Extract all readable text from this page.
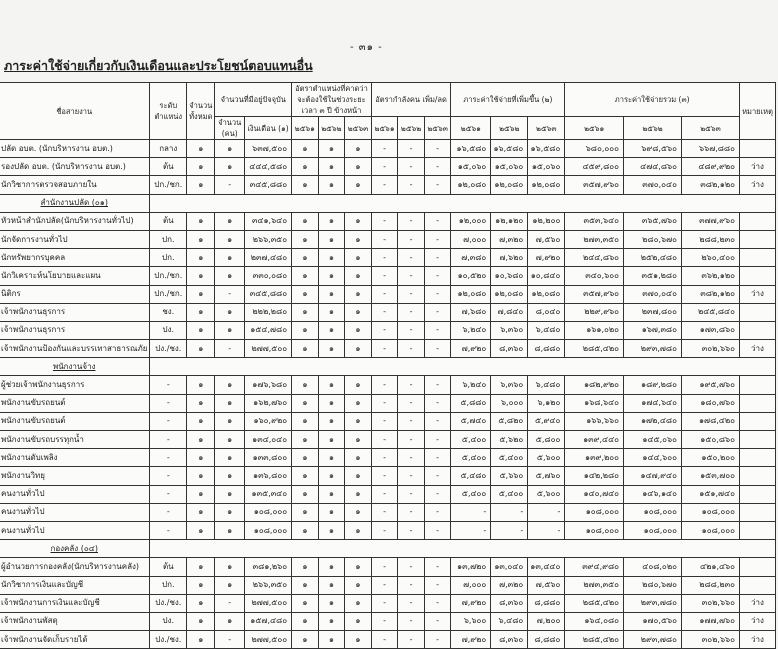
- ๓๑ -
ภาระค่าใช้จ่ายเกี่ยวกับเงินเดือนและประโยชน์ตอบแทนอื่น
ชื่อสายงาน	ระดับตำแหน่ง	จำนวนทั้งหมด	จำนวนที่มีอยู่ปัจจุบัน		อัตราตำแหน่งที่คาดว่าจะต้องใช้ในช่วงระยะเวลา ๓ ปี ข้างหน้า			อัตรากำลังคน เพิ่ม/ลด			ภาระค่าใช้จ่ายที่เพิ่มขึ้น (๒)			ภาระค่าใช้จ่ายรวม (๓)			หมายเหตุ
			จำนวน (คน)	เงินเดือน (๑)	๒๕๖๑	๒๕๖๒	๒๕๖๓	๒๕๖๑	๒๕๖๒	๒๕๖๓	๒๕๖๑	๒๕๖๒	๒๕๖๓	๒๕๖๑	๒๕๖๒	๒๕๖๓	
ปลัด อบต. (นักบริหารงาน อบต.)	กลาง	๑	๑	๖๓๗,๕๐๐	๑	๑	๑	-	-	-	๑๖,๕๘๐	๑๖,๕๘๐	๑๖,๕๘๐	๖๘๐,๐๐๐	๖๙๘,๕๖๐	๖๖๗,๘๘๐	
รองปลัด อบต. (นักบริหารงาน อบต.)	ต้น	๑	๑	๔๔๔,๕๘๐	๑	๑	๑	-	-	-	๑๕,๐๖๐	๑๕,๐๖๐	๑๕,๐๖๐	๔๕๙,๘๐๐	๔๗๔,๘๖๐	๔๘๙,๙๒๐	ว่าง
นักวิชาการตรวจสอบภายใน	ปก./ชก.	๑	-	๓๔๕,๘๘๐	๑	๑	๑	-	-	-	๑๒,๐๘๐	๑๒,๐๘๐	๑๒,๐๘๐	๓๕๗,๙๖๐	๓๗๐,๐๔๐	๓๘๒,๑๒๐	ว่าง
สำนักงานปลัด (๐๑)																	
หัวหน้าสำนักปลัด(นักบริหารงานทั่วไป)	ต้น	๑	๑	๓๔๑,๖๔๐	๑	๑	๑	-	-	-	๑๒,๐๐๐	๑๒,๑๒๐	๑๒,๒๐๐	๓๕๓,๖๔๐	๓๖๕,๗๖๐	๓๗๗,๙๖๐	
นักจัดการงานทั่วไป	ปก.	๑	๑	๒๖๖,๓๕๐	๑	๑	๑	-	-	-	๗,๐๐๐	๗,๓๒๐	๗,๕๖๐	๒๗๓,๓๕๐	๒๘๐,๖๗๐	๒๘๘,๒๓๐	
นักทรัพยากรบุคคล	ปก.	๑	๑	๒๓๗,๔๘๐	๑	๑	๑	-	-	-	๗,๓๘๐	๗,๖๒๐	๗,๙๒๐	๒๔๔,๘๖๐	๒๕๒,๔๘๐	๒๖๐,๔๐๐	
นักวิเคราะห์นโยบายและแผน	ปก./ชก.	๑	๑	๓๓๐,๐๘๐	๑	๑	๑	-	-	-	๑๐,๕๒๐	๑๐,๖๘๐	๑๐,๘๔๐	๓๔๐,๖๐๐	๓๕๑,๒๘๐	๓๖๒,๑๒๐	
นิติกร	ปก./ชก.	๑	-	๓๔๕,๘๘๐	๑	๑	๑	-	-	-	๑๒,๐๘๐	๑๒,๐๘๐	๑๒,๐๘๐	๓๕๗,๙๖๐	๓๗๐,๐๔๐	๓๘๒,๑๒๐	ว่าง
เจ้าพนักงานธุรการ	ชง.	๑	๑	๒๒๒,๒๘๐	๑	๑	๑	-	-	-	๗,๖๘๐	๗,๘๔๐	๘,๐๔๐	๒๒๙,๙๖๐	๒๓๗,๘๐๐	๒๔๕,๘๔๐	
เจ้าพนักงานธุรการ	ปง.	๑	๑	๑๕๔,๗๘๐	๑	๑	๑	-	-	-	๖,๒๔๐	๖,๓๖๐	๖,๔๘๐	๑๖๑,๐๒๐	๑๖๗,๓๘๐	๑๗๓,๘๖๐	
เจ้าพนักงานป้องกันและบรรเทาสาธารณภัย	ปง./ชง.	๑	-	๒๗๗,๕๐๐	๑	๑	๑	-	-	-	๗,๙๒๐	๘,๓๖๐	๘,๘๘๐	๒๘๕,๔๒๐	๒๙๓,๗๘๐	๓๐๒,๖๖๐	ว่าง
พนักงานจ้าง																	
ผู้ช่วยเจ้าพนักงานธุรการ	-	๑	๑	๑๗๖,๖๘๐	๑	๑	๑	-	-	-	๖,๒๔๐	๖,๓๖๐	๖,๔๘๐	๑๘๒,๙๒๐	๑๘๙,๒๘๐	๑๙๕,๗๖๐	
พนักงานขับรถยนต์	-	๑	๑	๑๖๒,๗๖๐	๑	๑	๑	-	-	-	๕,๘๘๐	๖,๐๐๐	๖,๑๒๐	๑๖๘,๖๔๐	๑๗๔,๖๔๐	๑๘๐,๗๖๐	
พนักงานขับรถยนต์	-	๑	๑	๑๖๐,๙๒๐	๑	๑	๑	-	-	-	๕,๗๔๐	๕,๘๒๐	๕,๙๔๐	๑๖๖,๖๖๐	๑๗๒,๔๘๐	๑๗๘,๔๒๐	
พนักงานขับรถบรรทุกน้ำ	-	๑	๑	๑๓๔,๐๔๐	๑	๑	๑	-	-	-	๕,๔๐๐	๕,๖๒๐	๕,๘๐๐	๑๓๙,๔๔๐	๑๔๕,๐๖๐	๑๕๐,๘๖๐	
พนักงานดับเพลิง	-	๑	๑	๑๓๓,๘๐๐	๑	๑	๑	-	-	-	๕,๔๐๐	๕,๔๐๐	๕,๖๐๐	๑๓๙,๒๐๐	๑๔๔,๖๐๐	๑๕๐,๒๐๐	
พนักงานวิทยุ	-	๑	๑	๑๓๖,๘๐๐	๑	๑	๑	-	-	-	๕,๔๘๐	๕,๖๖๐	๕,๗๖๐	๑๔๒,๒๘๐	๑๔๗,๙๔๐	๑๕๓,๗๐๐	
คนงานทั่วไป	-	๑	๑	๑๓๕,๓๔๐	๑	๑	๑	-	-	-	๕,๔๐๐	๕,๔๐๐	๕,๖๐๐	๑๔๐,๗๔๐	๑๔๖,๑๔๐	๑๕๑,๗๔๐	
คนงานทั่วไป	-	๑	๑	๑๐๘,๐๐๐	๑	๑	๑	-	-	-	-	-	-	๑๐๘,๐๐๐	๑๐๘,๐๐๐	๑๐๘,๐๐๐	
คนงานทั่วไป	-	๑	๑	๑๐๘,๐๐๐	๑	๑	๑	-	-	-	-	-	-	๑๐๘,๐๐๐	๑๐๘,๐๐๐	๑๐๘,๐๐๐	
กองคลัง (๐๔)																	
ผู้อำนวยการกองคลัง(นักบริหารงานคลัง)	ต้น	๑	๑	๓๘๑,๒๖๐	๑	๑	๑	-	-	-	๑๓,๗๒๐	๑๓,๐๔๐	๑๓,๔๔๐	๓๙๔,๙๘๐	๔๐๘,๐๒๐	๔๒๑,๔๖๐	
นักวิชาการเงินและบัญชี	ปก.	๑	๑	๒๖๖,๓๕๐	๑	๑	๑	-	-	-	๗,๐๐๐	๗,๓๒๐	๗,๕๖๐	๒๗๓,๓๕๐	๒๘๐,๖๗๐	๒๘๘,๒๓๐	
เจ้าพนักงานการเงินและบัญชี	ปง./ชง.	๑	-	๒๗๗,๕๐๐	๑	๑	๑	-	-	-	๗,๙๒๐	๘,๓๖๐	๘,๘๘๐	๒๘๕,๔๒๐	๒๙๓,๗๘๐	๓๐๒,๖๖๐	ว่าง
เจ้าพนักงานพัสดุ	ปง.	๑	๑	๑๕๗,๔๘๐	๑	๑	๑	-	-	-	๖,๖๐๐	๖,๔๘๐	๗,๒๐๐	๑๖๔,๐๘๐	๑๗๐,๕๖๐	๑๗๗,๗๖๐	ว่าง
เจ้าพนักงานจัดเก็บรายได้	ปง./ชง.	๑	-	๒๗๗,๕๐๐	๑	๑	๑	-	-	-	๗,๙๒๐	๘,๓๖๐	๘,๘๘๐	๒๘๕,๔๒๐	๒๙๓,๗๘๐	๓๐๒,๖๖๐	ว่าง
